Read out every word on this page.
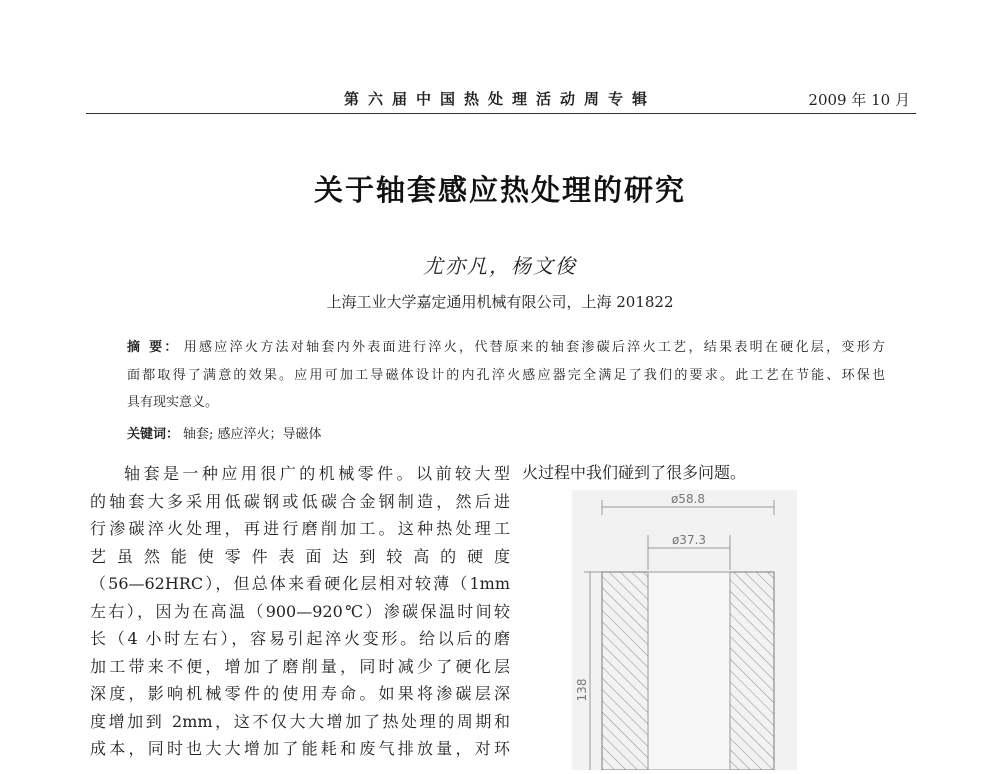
第六届中国热处理活动周专辑	2009 年 10 月
关于轴套感应热处理的研究
尤亦凡，杨文俊
上海工业大学嘉定通用机械有限公司，上海 201822
摘 要： 用感应淬火方法对轴套内外表面进行淬火，代替原来的轴套渗碳后淬火工艺，结果表明在硬化层，变形方
面都取得了满意的效果。应用可加工导磁体设计的内孔淬火感应器完全满足了我们的要求。此工艺在节能、环保也
具有现实意义。
关键词： 轴套; 感应淬火；导磁体
轴套是一种应用很广的机械零件。以前较大型
的轴套大多采用低碳钢或低碳合金钢制造，然后进
行渗碳淬火处理，再进行磨削加工。这种热处理工
艺虽然能使零件表面达到较高的硬度
（56—62HRC），但总体来看硬化层相对较薄（1mm
左右），因为在高温（900—920℃）渗碳保温时间较
长（4 小时左右），容易引起淬火变形。给以后的磨
加工带来不便，增加了磨削量，同时减少了硬化层
深度，影响机械零件的使用寿命。如果将渗碳层深
度增加到 2mm，这不仅大大增加了热处理的周期和
成本，同时也大大增加了能耗和废气排放量，对环
火过程中我们碰到了很多问题。
ø58.8
ø37.3
138
